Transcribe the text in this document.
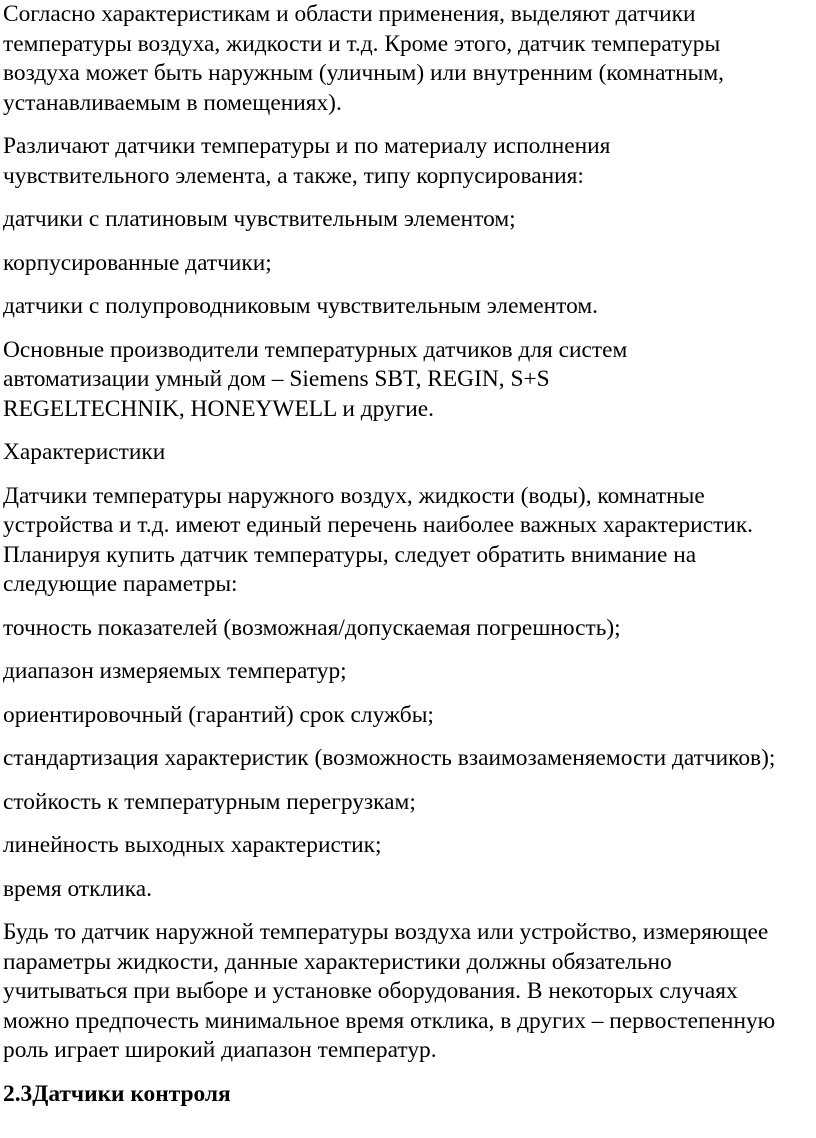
Согласно характеристикам и области применения, выделяют датчики
температуры воздуха, жидкости и т.д. Кроме этого, датчик температуры
воздуха может быть наружным (уличным) или внутренним (комнатным,
устанавливаемым в помещениях).
Различают датчики температуры и по материалу исполнения
чувствительного элемента, а также, типу корпусирования:
датчики с платиновым чувствительным элементом;
корпусированные датчики;
датчики с полупроводниковым чувствительным элементом.
Основные производители температурных датчиков для систем
автоматизации умный дом – Siemens SBT, REGIN, S+S
REGELTECHNIK, HONEYWELL и другие.
Характеристики
Датчики температуры наружного воздух, жидкости (воды), комнатные
устройства и т.д. имеют единый перечень наиболее важных характеристик.
Планируя купить датчик температуры, следует обратить внимание на
следующие параметры:
точность показателей (возможная/допускаемая погрешность);
диапазон измеряемых температур;
ориентировочный (гарантий) срок службы;
стандартизация характеристик (возможность взаимозаменяемости датчиков);
стойкость к температурным перегрузкам;
линейность выходных характеристик;
время отклика.
Будь то датчик наружной температуры воздуха или устройство, измеряющее
параметры жидкости, данные характеристики должны обязательно
учитываться при выборе и установке оборудования. В некоторых случаях
можно предпочесть минимальное время отклика, в других – первостепенную
роль играет широкий диапазон температур.
2.3Датчики контроля
